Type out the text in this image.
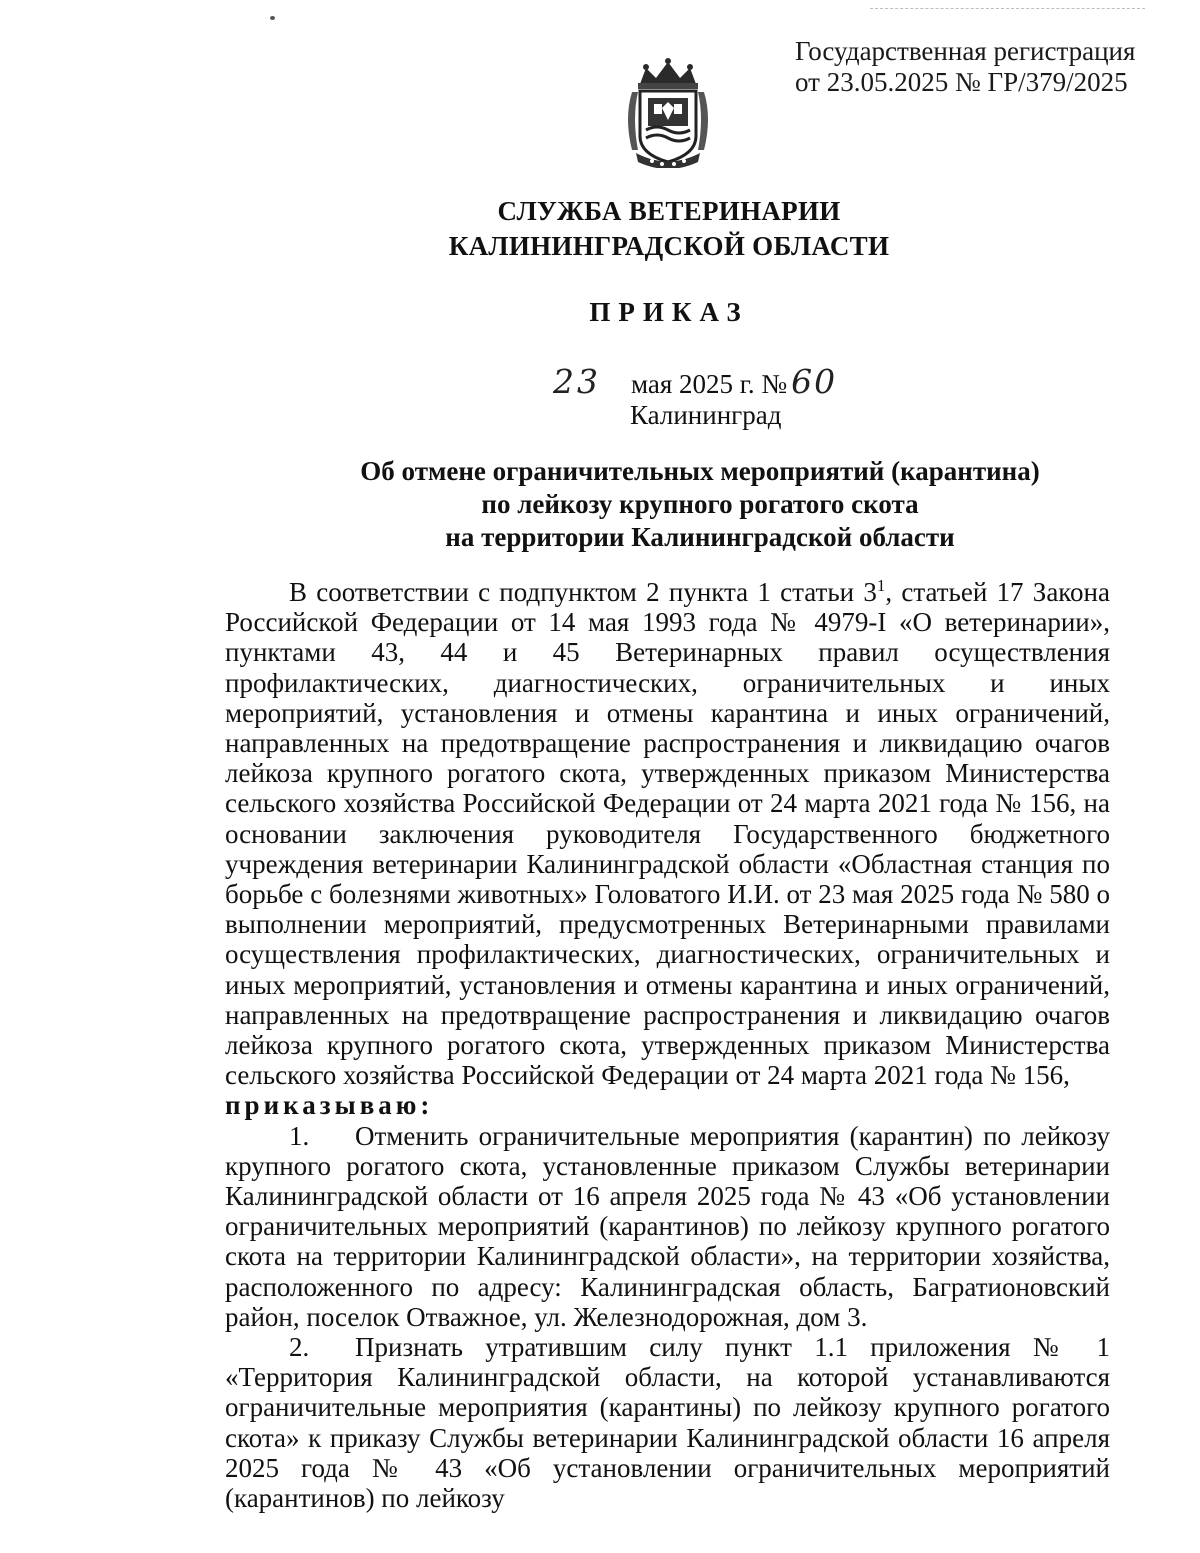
Государственная регистрация
от 23.05.2025 № ГР/379/2025
СЛУЖБА ВЕТЕРИНАРИИ
КАЛИНИНГРАДСКОЙ ОБЛАСТИ
ПРИКАЗ
23 мая 2025 г. № 60
Калининград
Об отмене ограничительных мероприятий (карантина)
по лейкозу крупного рогатого скота
на территории Калининградской области

В соответствии с подпунктом 2 пункта 1 статьи $3^1$, статьей 17 Закона Российской Федерации от 14 мая 1993 года № 4979-I «О ветеринарии», пунктами 43, 44 и 45 Ветеринарных правил осуществления профилактических, диагностических, ограничительных и иных мероприятий, установления и отмены карантина и иных ограничений, направленных на предотвращение распространения и ликвидацию очагов лейкоза крупного рогатого скота, утвержденных приказом Министерства сельского хозяйства Российской Федерации от 24 марта 2021 года № 156, на основании заключения руководителя Государственного бюджетного учреждения ветеринарии Калининградской области «Областная станция по борьбе с болезнями животных» Головатого И.И. от 23 мая 2025 года № 580 о выполнении мероприятий, предусмотренных Ветеринарными правилами осуществления профилактических, диагностических, ограничительных и иных мероприятий, установления и отмены карантина и иных ограничений, направленных на предотвращение распространения и ликвидацию очагов лейкоза крупного рогатого скота, утвержденных приказом Министерства сельского хозяйства Российской Федерации от 24 марта 2021 года № 156,

приказываю:

1. Отменить ограничительные мероприятия (карантин) по лейкозу крупного рогатого скота, установленные приказом Службы ветеринарии Калининградской области от 16 апреля 2025 года № 43 «Об установлении ограничительных мероприятий (карантинов) по лейкозу крупного рогатого скота на территории Калининградской области», на территории хозяйства, расположенного по адресу: Калининградская область, Багратионовский район, поселок Отважное, ул. Железнодорожная, дом 3.

2. Признать утратившим силу пункт 1.1 приложения № 1 «Территория Калининградской области, на которой устанавливаются ограничительные мероприятия (карантины) по лейкозу крупного рогатого скота» к приказу Службы ветеринарии Калининградской области 16 апреля 2025 года № 43 «Об установлении ограничительных мероприятий (карантинов) по лейкозу
